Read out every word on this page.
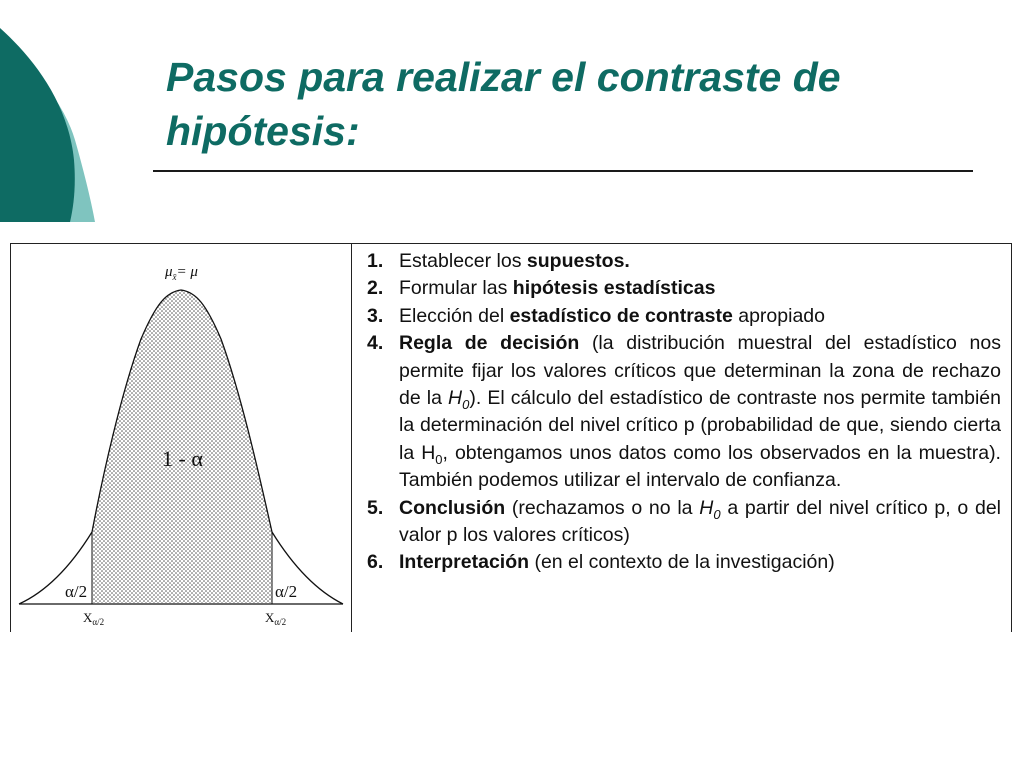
Pasos para realizar el contraste de hipótesis:
$\mu_{x̄}= \mu$
1 - α
α/2	α/2
$X_{\alpha/2}$	$X_{\alpha/2}$
1. Establecer los supuestos.
2. Formular las hipótesis estadísticas
3. Elección del estadístico de contraste apropiado
4. Regla de decisión (la distribución muestral del estadístico nos permite fijar los valores críticos que determinan la zona de rechazo de la $H_0$). El cálculo del estadístico de contraste nos permite también la determinación del nivel crítico p (probabilidad de que, siendo cierta la $H_0$, obtengamos unos datos como los observados en la muestra). También podemos utilizar el intervalo de confianza.
5. Conclusión (rechazamos o no la $H_0$ a partir del nivel crítico p, o del valor p los valores críticos)
6. Interpretación (en el contexto de la investigación)
